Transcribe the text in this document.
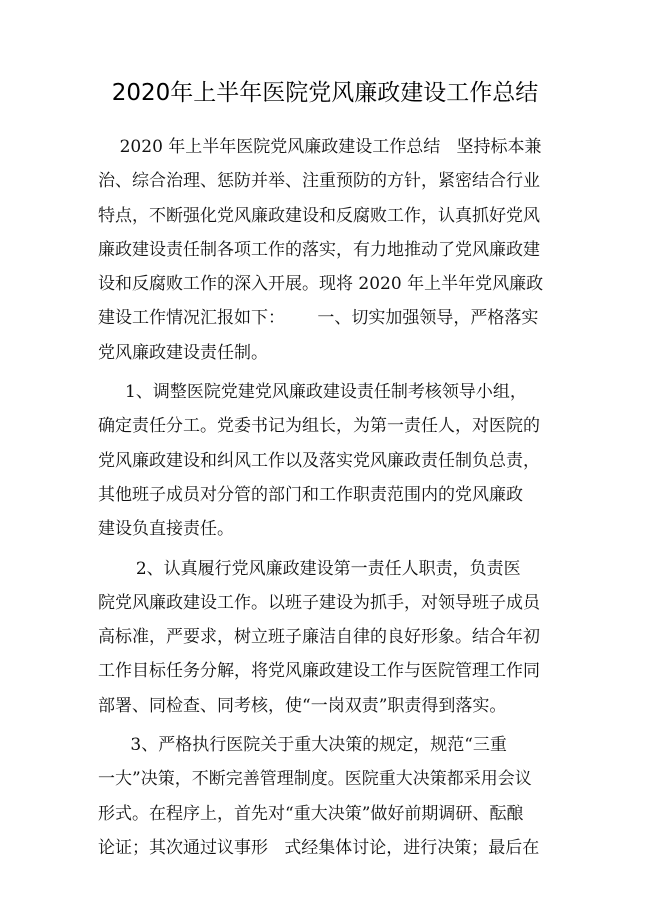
2020年上半年医院党风廉政建设工作总结
2020 年上半年医院党风廉政建设工作总结   坚持标本兼
治、综合治理、惩防并举、注重预防的方针，紧密结合行业
特点，不断强化党风廉政建设和反腐败工作，认真抓好党风
廉政建设责任制各项工作的落实，有力地推动了党风廉政建
设和反腐败工作的深入开展。现将 2020 年上半年党风廉政
建设工作情况汇报如下：      一、切实加强领导，严格落实
党风廉政建设责任制。
1、调整医院党建党风廉政建设责任制考核领导小组，
确定责任分工。党委书记为组长，为第一责任人，对医院的
党风廉政建设和纠风工作以及落实党风廉政责任制负总责，
其他班子成员对分管的部门和工作职责范围内的党风廉政
建设负直接责任。
2、认真履行党风廉政建设第一责任人职责，负责医
院党风廉政建设工作。以班子建设为抓手，对领导班子成员
高标准，严要求，树立班子廉洁自律的良好形象。结合年初
工作目标任务分解，将党风廉政建设工作与医院管理工作同
部署、同检查、同考核，使“一岗双责”职责得到落实。
3、严格执行医院关于重大决策的规定，规范“三重
一大”决策，不断完善管理制度。医院重大决策都采用会议
形式。在程序上，首先对“重大决策”做好前期调研、酝酿
论证；其次通过议事形   式经集体讨论，进行决策；最后在
